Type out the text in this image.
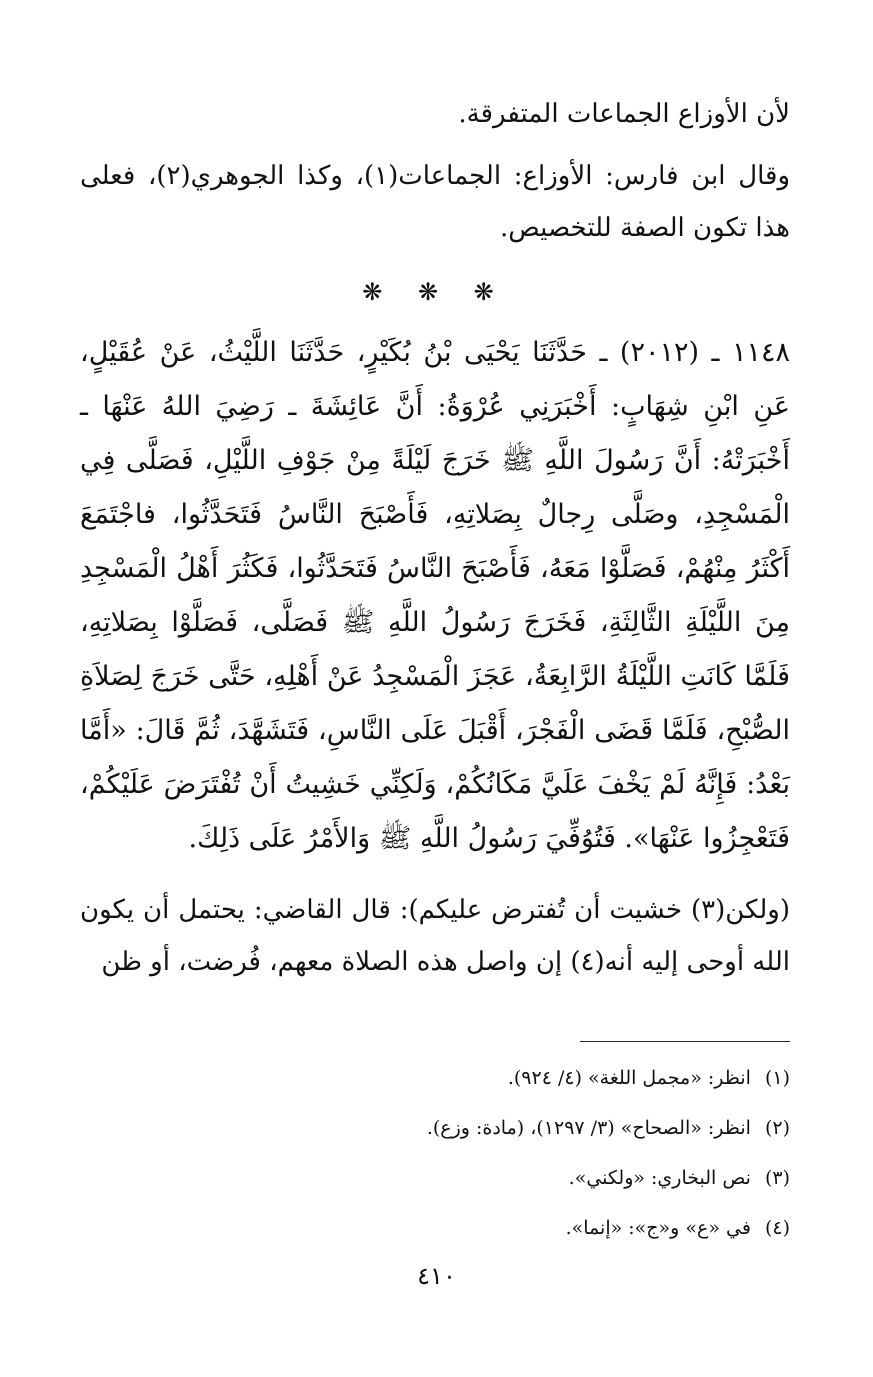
لأن الأوزاع الجماعات المتفرقة.

وقال ابن فارس: الأوزاع: الجماعات(١)، وكذا الجوهري(٢)، فعلى هذا تكون الصفة للتخصيص.

❋ ❋ ❋

١١٤٨ ـ (٢٠١٢) ـ حَدَّثَنَا يَحْيَى بْنُ بُكَيْرٍ، حَدَّثَنَا اللَّيْثُ، عَنْ عُقَيْلٍ، عَنِ ابْنِ شِهَابٍ: أَخْبَرَنِي عُرْوَةُ: أَنَّ عَائِشَةَ ـ رَضِيَ اللهُ عَنْهَا ـ أَخْبَرَتْهُ: أَنَّ رَسُولَ اللَّهِ ﷺ خَرَجَ لَيْلَةً مِنْ جَوْفِ اللَّيْلِ، فَصَلَّى فِي الْمَسْجِدِ، وصَلَّى رِجالٌ بِصَلاتِهِ، فَأَصْبَحَ النَّاسُ فَتَحَدَّثُوا، فاجْتَمَعَ أَكْثَرُ مِنْهُمْ، فَصَلَّوْا مَعَهُ، فَأَصْبَحَ النَّاسُ فَتَحَدَّثُوا، فَكَثُرَ أَهْلُ الْمَسْجِدِ مِنَ اللَّيْلَةِ الثَّالِثَةِ، فَخَرَجَ رَسُولُ اللَّهِ ﷺ فَصَلَّى، فَصَلَّوْا بِصَلاتِهِ، فَلَمَّا كَانَتِ اللَّيْلَةُ الرَّابِعَةُ، عَجَزَ الْمَسْجِدُ عَنْ أَهْلِهِ، حَتَّى خَرَجَ لِصَلاَةِ الصُّبْحِ، فَلَمَّا قَضَى الْفَجْرَ، أَقْبَلَ عَلَى النَّاسِ، فَتَشَهَّدَ، ثُمَّ قَالَ: «أَمَّا بَعْدُ: فَإِنَّهُ لَمْ يَخْفَ عَلَيَّ مَكَانُكُمْ، وَلَكِنِّي خَشِيتُ أَنْ تُفْتَرَضَ عَلَيْكُمْ، فَتَعْجِزُوا عَنْهَا». فَتُوُفِّيَ رَسُولُ اللَّهِ ﷺ وَالأَمْرُ عَلَى ذَلِكَ.

(ولكن(٣) خشيت أن تُفترض عليكم): قال القاضي: يحتمل أن يكون الله أوحى إليه أنه(٤) إن واصل هذه الصلاة معهم، فُرضت، أو ظن

(١)انظر: «مجمل اللغة» (٤/ ٩٢٤).
(٢)انظر: «الصحاح» (٣/ ١٢٩٧)، (مادة: وزع).
(٣)نص البخاري: «ولكني».
(٤)في «ع» و«ج»: «إنما».
٤١٠
